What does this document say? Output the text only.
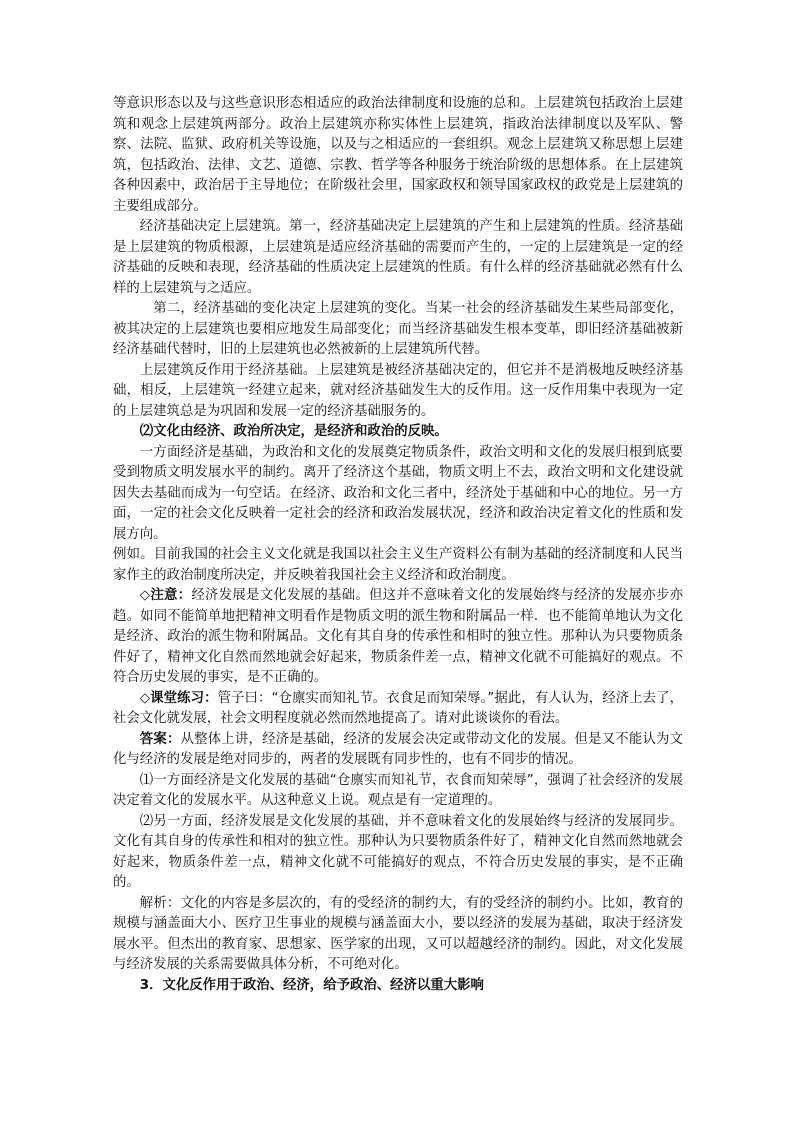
等意识形态以及与这些意识形态相适应的政治法律制度和设施的总和。上层建筑包括政治上层建筑和观念上层建筑两部分。政治上层建筑亦称实体性上层建筑，指政治法律制度以及军队、警察、法院、监狱、政府机关等设施，以及与之相适应的一套组织。观念上层建筑又称思想上层建筑，包括政治、法律、文艺、道德、宗教、哲学等各种服务于统治阶级的思想体系。在上层建筑各种因素中，政治居于主导地位；在阶级社会里，国家政权和领导国家政权的政党是上层建筑的主要组成部分。

经济基础决定上层建筑。第一，经济基础决定上层建筑的产生和上层建筑的性质。经济基础是上层建筑的物质根源，上层建筑是适应经济基础的需要而产生的，一定的上层建筑是一定的经济基础的反映和表现，经济基础的性质决定上层建筑的性质。有什么样的经济基础就必然有什么样的上层建筑与之适应。

第二，经济基础的变化决定上层建筑的变化。当某一社会的经济基础发生某些局部变化，被其决定的上层建筑也要相应地发生局部变化；而当经济基础发生根本变革，即旧经济基础被新经济基础代替时，旧的上层建筑也必然被新的上层建筑所代替。

上层建筑反作用于经济基础。上层建筑是被经济基础决定的，但它并不是消极地反映经济基础，相反，上层建筑一经建立起来，就对经济基础发生大的反作用。这一反作用集中表现为一定的上层建筑总是为巩固和发展一定的经济基础服务的。

⑵文化由经济、政治所决定，是经济和政治的反映。

一方面经济是基础，为政治和文化的发展奠定物质条件，政治文明和文化的发展归根到底要受到物质文明发展水平的制约。离开了经济这个基础，物质文明上不去，政治文明和文化建设就因失去基础而成为一句空话。在经济、政治和文化三者中，经济处于基础和中心的地位。另一方面，一定的社会文化反映着一定社会的经济和政治发展状况，经济和政治决定着文化的性质和发展方向。

例如。目前我国的社会主义文化就是我国以社会主义生产资料公有制为基础的经济制度和人民当家作主的政治制度所决定，并反映着我国社会主义经济和政治制度。

◇注意：经济发展是文化发展的基础。但这并不意味着文化的发展始终与经济的发展亦步亦趋。如同不能简单地把精神文明看作是物质文明的派生物和附属品一样．也不能简单地认为文化是经济、政治的派生物和附属品。文化有其自身的传承性和相时的独立性。那种认为只要物质条件好了，精神文化自然而然地就会好起来，物质条件差一点，精神文化就不可能搞好的观点。不符合历史发展的事实，是不正确的。

◇课堂练习：管子曰：“仓廪实而知礼节。衣食足而知荣辱。”据此，有人认为，经济上去了，社会文化就发展，社会文明程度就必然而然地提高了。请对此谈谈你的看法。

答案：从整体上讲，经济是基础，经济的发展会决定或带动文化的发展。但是又不能认为文化与经济的发展是绝对同步的，两者的发展既有同步性的，也有不同步的情况。

⑴一方面经济是文化发展的基础“仓廪实而知礼节，衣食而知荣辱”，强调了社会经济的发展决定着文化的发展水平。从这种意义上说。观点是有一定道理的。

⑵另一方面，经济发展是文化发展的基础，并不意味着文化的发展始终与经济的发展同步。文化有其自身的传承性和相对的独立性。那种认为只要物质条件好了，精神文化自然而然地就会好起来，物质条件差一点，精神文化就不可能搞好的观点，不符合历史发展的事实，是不正确的。

解析：文化的内容是多层次的，有的受经济的制约大，有的受经济的制约小。比如，教育的规模与涵盖面大小、医疗卫生事业的规模与涵盖面大小，要以经济的发展为基础，取决于经济发展水平。但杰出的教育家、思想家、医学家的出现，又可以超越经济的制约。因此，对文化发展与经济发展的关系需要做具体分析，不可绝对化。

3．文化反作用于政治、经济，给予政治、经济以重大影响
